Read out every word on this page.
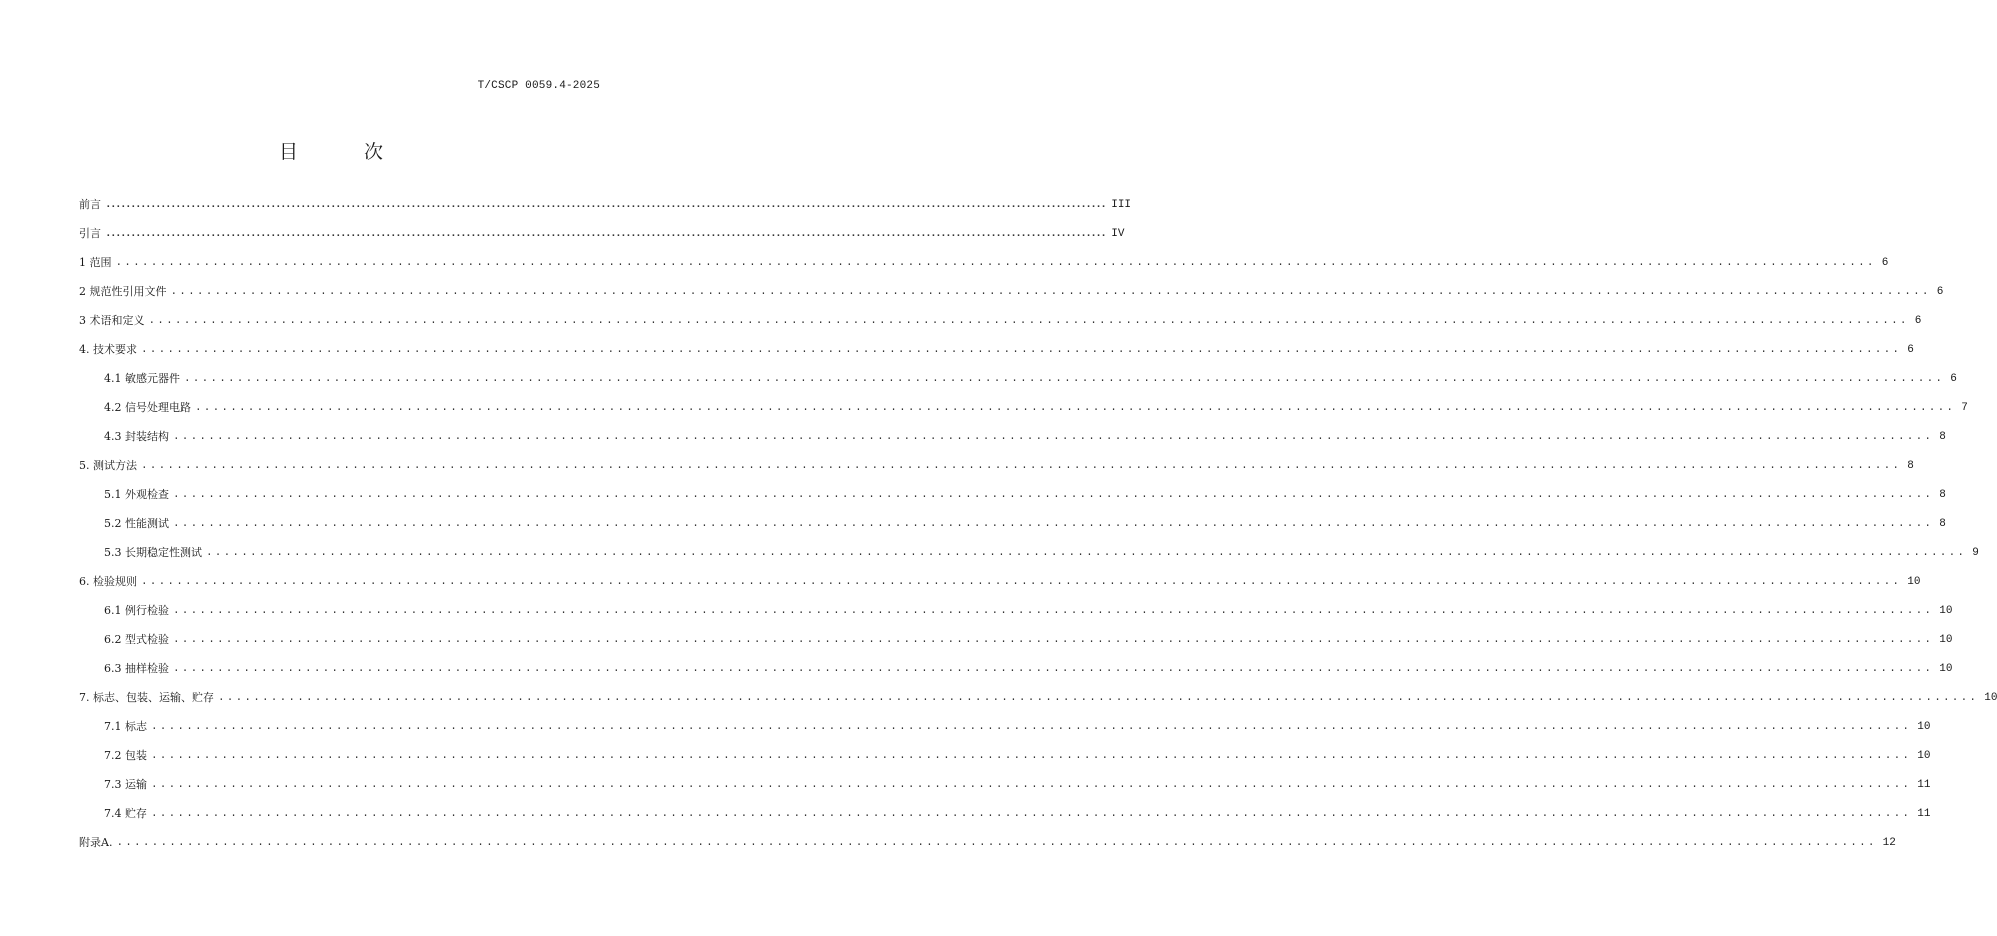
T/CSCP 0059.4-2025
目 次
前言 ........................................................................................................................................................................................................ III
引言 ........................................................................................................................................................................................................ IV
1 范围 ........................................................................................................................................................................................................ 6
2 规范性引用文件 ........................................................................................................................................................................................................ 6
3 术语和定义 ........................................................................................................................................................................................................ 6
4. 技术要求 ........................................................................................................................................................................................................ 6
4.1 敏感元器件 ........................................................................................................................................................................................................ 6
4.2 信号处理电路 ........................................................................................................................................................................................................ 7
4.3 封装结构 ........................................................................................................................................................................................................ 8
5. 测试方法 ........................................................................................................................................................................................................ 8
5.1 外观检查 ........................................................................................................................................................................................................ 8
5.2 性能测试 ........................................................................................................................................................................................................ 8
5.3 长期稳定性测试 ........................................................................................................................................................................................................ 9
6. 检验规则 ........................................................................................................................................................................................................ 10
6.1 例行检验 ........................................................................................................................................................................................................ 10
6.2 型式检验 ........................................................................................................................................................................................................ 10
6.3 抽样检验 ........................................................................................................................................................................................................ 10
7. 标志、包装、运输、贮存 ........................................................................................................................................................................................................ 10
7.1 标志 ........................................................................................................................................................................................................ 10
7.2 包装 ........................................................................................................................................................................................................ 10
7.3 运输 ........................................................................................................................................................................................................ 11
7.4 贮存 ........................................................................................................................................................................................................ 11
附录A. ........................................................................................................................................................................................................ 12
